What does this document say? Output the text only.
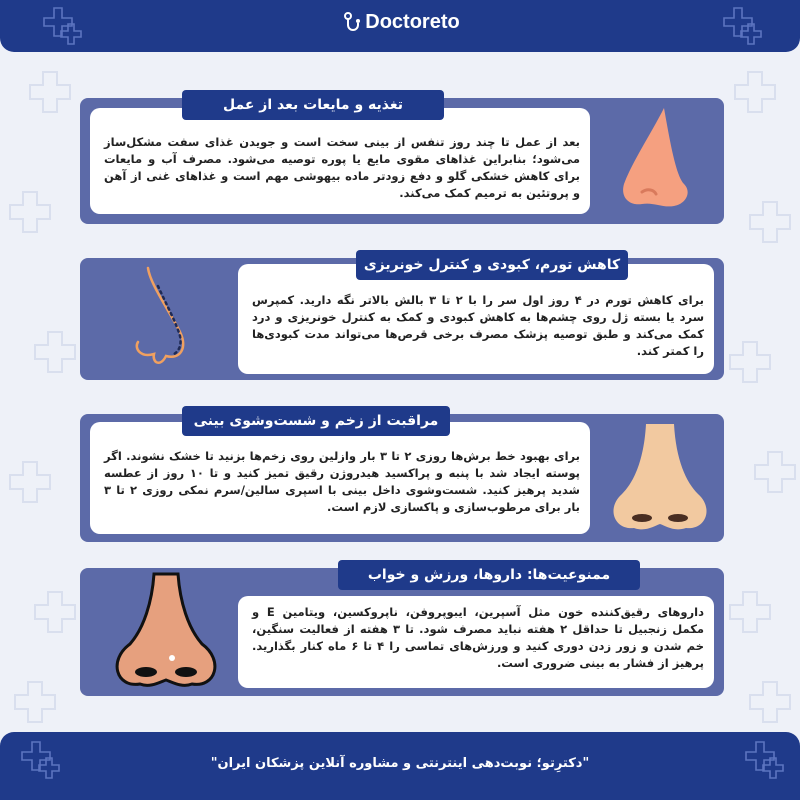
Doctoreto
بعد از عمل تا چند روز تنفس از بینی سخت است و جویدن غذای سفت مشکل‌ساز می‌شود؛ بنابراین غذاهای مقوی مایع یا پوره توصیه می‌شود. مصرف آب و مایعات برای کاهش خشکی گلو و دفع زودتر ماده بیهوشی مهم است و غذاهای غنی از آهن و پروتئین به ترمیم کمک می‌کند.
تغذیه و مایعات بعد از عمل
برای کاهش تورم در ۴ روز اول سر را با ۲ تا ۳ بالش بالاتر نگه دارید. کمپرس سرد یا بسته ژل روی چشم‌ها به کاهش کبودی و کمک به کنترل خونریزی و درد کمک می‌کند و طبق توصیه پزشک مصرف برخی قرص‌ها می‌تواند مدت کبودی‌ها را کمتر کند.
کاهش تورم، کبودی و کنترل خونریزی
برای بهبود خط برش‌ها روزی ۲ تا ۳ بار وازلین روی زخم‌ها بزنید تا خشک نشوند. اگر پوسته ایجاد شد با پنبه و پراکسید هیدروژن رقیق تمیز کنید و تا ۱۰ روز از عطسه شدید پرهیز کنید. شست‌وشوی داخل بینی با اسپری سالین/سرم نمکی روزی ۲ تا ۳ بار برای مرطوب‌سازی و پاکسازی لازم است.
مراقبت از زخم و شست‌وشوی بینی
داروهای رقیق‌کننده خون مثل آسپرین، ایبوپروفن، ناپروکسین، ویتامین E و مکمل زنجبیل تا حداقل ۲ هفته نباید مصرف شود. تا ۳ هفته از فعالیت سنگین، خم شدن و زور زدن دوری کنید و ورزش‌های تماسی را ۴ تا ۶ ماه کنار بگذارید. پرهیز از فشار به بینی ضروری است.
ممنوعیت‌ها: داروها، ورزش و خواب
"دکترِتو؛ نوبت‌دهی اینترنتی و مشاوره آنلاین پزشکان ایران"
